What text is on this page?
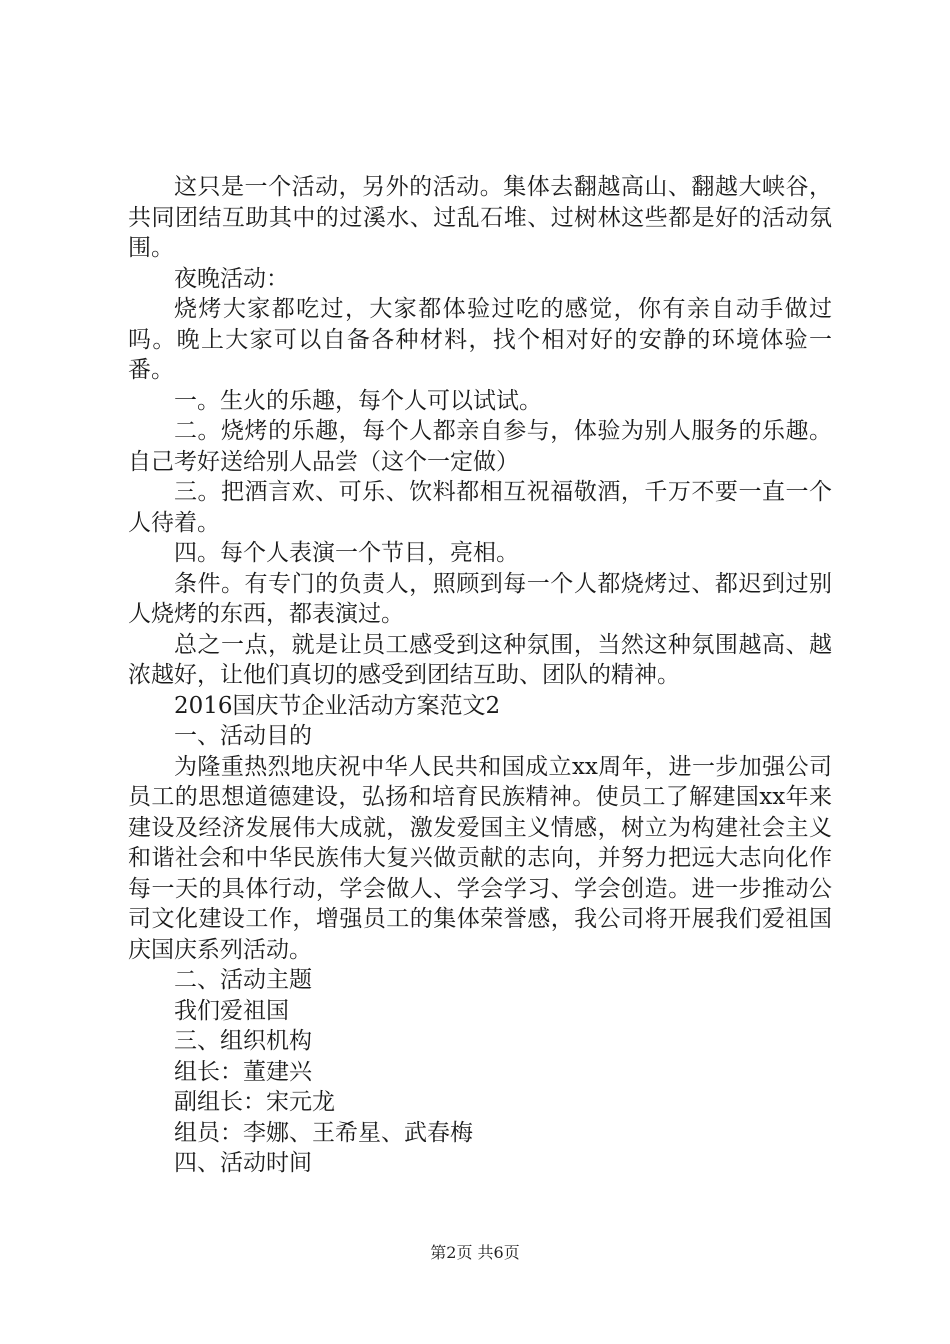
这只是一个活动，另外的活动。集体去翻越高山、翻越大峡谷，共同团结互助其中的过溪水、过乱石堆、过树林这些都是好的活动氛围。

夜晚活动：

烧烤大家都吃过，大家都体验过吃的感觉，你有亲自动手做过吗。晚上大家可以自备各种材料，找个相对好的安静的环境体验一番。

一。生火的乐趣，每个人可以试试。

二。烧烤的乐趣，每个人都亲自参与，体验为别人服务的乐趣。自己考好送给别人品尝（这个一定做）

三。把酒言欢、可乐、饮料都相互祝福敬酒，千万不要一直一个人待着。

四。每个人表演一个节目，亮相。

条件。有专门的负责人，照顾到每一个人都烧烤过、都迟到过别人烧烤的东西，都表演过。

总之一点，就是让员工感受到这种氛围，当然这种氛围越高、越浓越好，让他们真切的感受到团结互助、团队的精神。

2016国庆节企业活动方案范文2

一、活动目的

为隆重热烈地庆祝中华人民共和国成立xx周年，进一步加强公司员工的思想道德建设，弘扬和培育民族精神。使员工了解建国xx年来建设及经济发展伟大成就，激发爱国主义情感，树立为构建社会主义和谐社会和中华民族伟大复兴做贡献的志向，并努力把远大志向化作每一天的具体行动，学会做人、学会学习、学会创造。进一步推动公司文化建设工作，增强员工的集体荣誉感，我公司将开展我们爱祖国庆国庆系列活动。

二、活动主题

我们爱祖国

三、组织机构

组长：董建兴

副组长：宋元龙

组员：李娜、王希星、武春梅

四、活动时间

第2页 共6页
